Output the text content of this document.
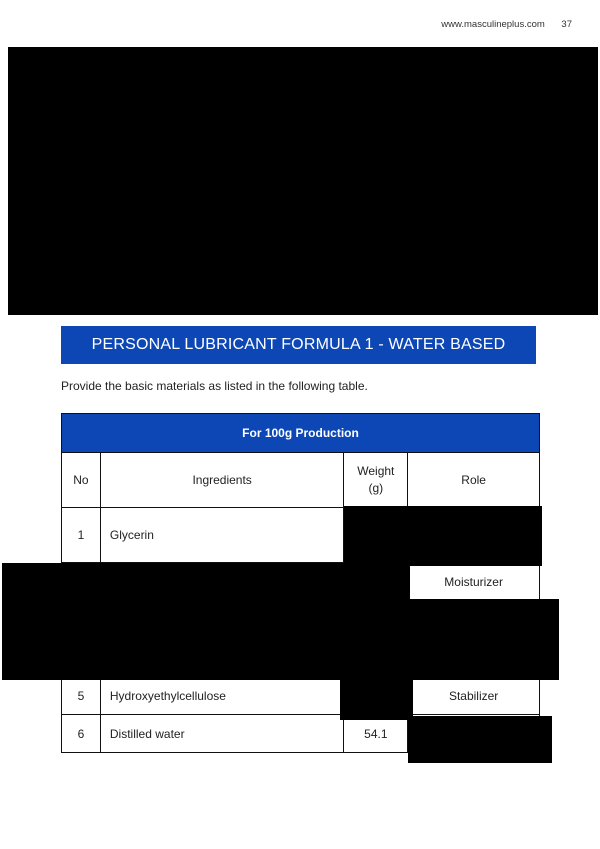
www.masculineplus.com 37
PERSONAL LUBRICANT FORMULA 1 - WATER BASED
Provide the basic materials as listed in the following table.
For 100g Production			
No	Ingredients	Weight (g)	Role
1	Glycerin		
			Moisturizer

5	Hydroxyethylcellulose		Stabilizer
6	Distilled water	54.1	
